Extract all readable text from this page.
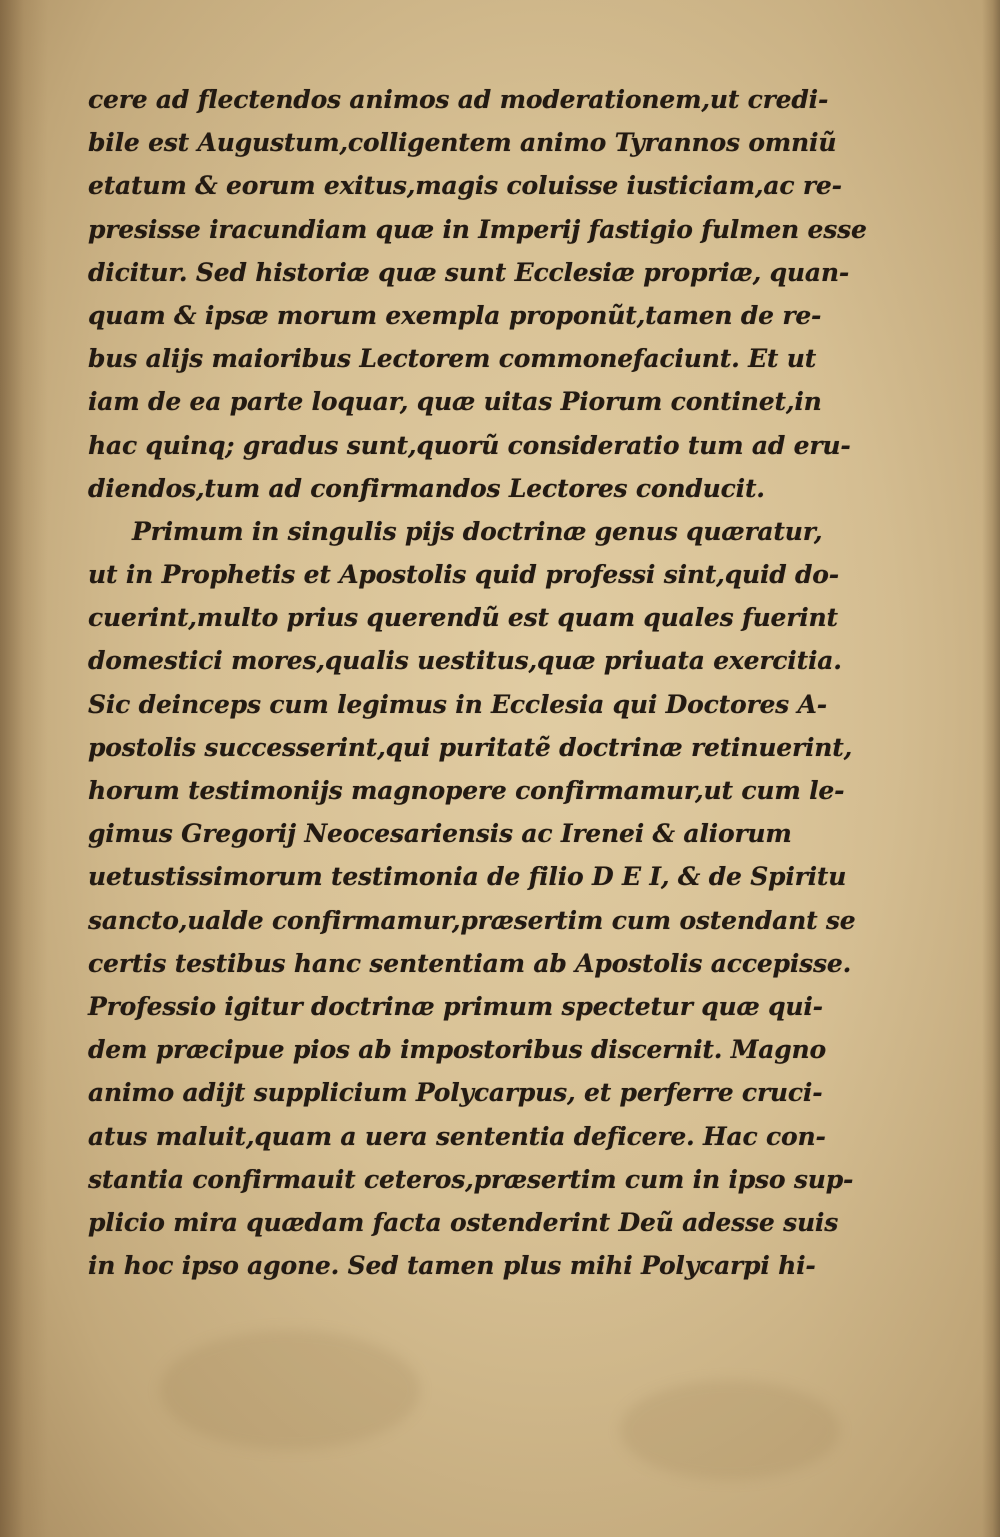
cere ad flectendos animos ad moderationem,ut credi-
bile est Augustum,colligentem animo Tyrannos omniũ
etatum & eorum exitus,magis coluisse iusticiam,ac re-
presisse iracundiam quæ in Imperij fastigio fulmen esse
dicitur. Sed historiæ quæ sunt Ecclesiæ propriæ, quan-
quam & ipsæ morum exempla proponũt,tamen de re-
bus alijs maioribus Lectorem commonefaciunt. Et ut
iam de ea parte loquar, quæ uitas Piorum continet,in
hac quinq; gradus sunt,quorũ consideratio tum ad eru-
diendos,tum ad confirmandos Lectores conducit.
Primum in singulis pijs doctrinæ genus quæratur,
ut in Prophetis et Apostolis quid professi sint,quid do-
cuerint,multo prius querendũ est quam quales fuerint
domestici mores,qualis uestitus,quæ priuata exercitia.
Sic deinceps cum legimus in Ecclesia qui Doctores A-
postolis successerint,qui puritatẽ doctrinæ retinuerint,
horum testimonijs magnopere confirmamur,ut cum le-
gimus Gregorij Neocesariensis ac Irenei & aliorum
uetustissimorum testimonia de filio D E I, & de Spiritu
sancto,ualde confirmamur,præsertim cum ostendant se
certis testibus hanc sententiam ab Apostolis accepisse.
Professio igitur doctrinæ primum spectetur quæ qui-
dem præcipue pios ab impostoribus discernit. Magno
animo adijt supplicium Polycarpus, et perferre cruci-
atus maluit,quam a uera sententia deficere. Hac con-
stantia confirmauit ceteros,præsertim cum in ipso sup-
plicio mira quædam facta ostenderint Deũ adesse suis
in hoc ipso agone. Sed tamen plus mihi Polycarpi hi-
